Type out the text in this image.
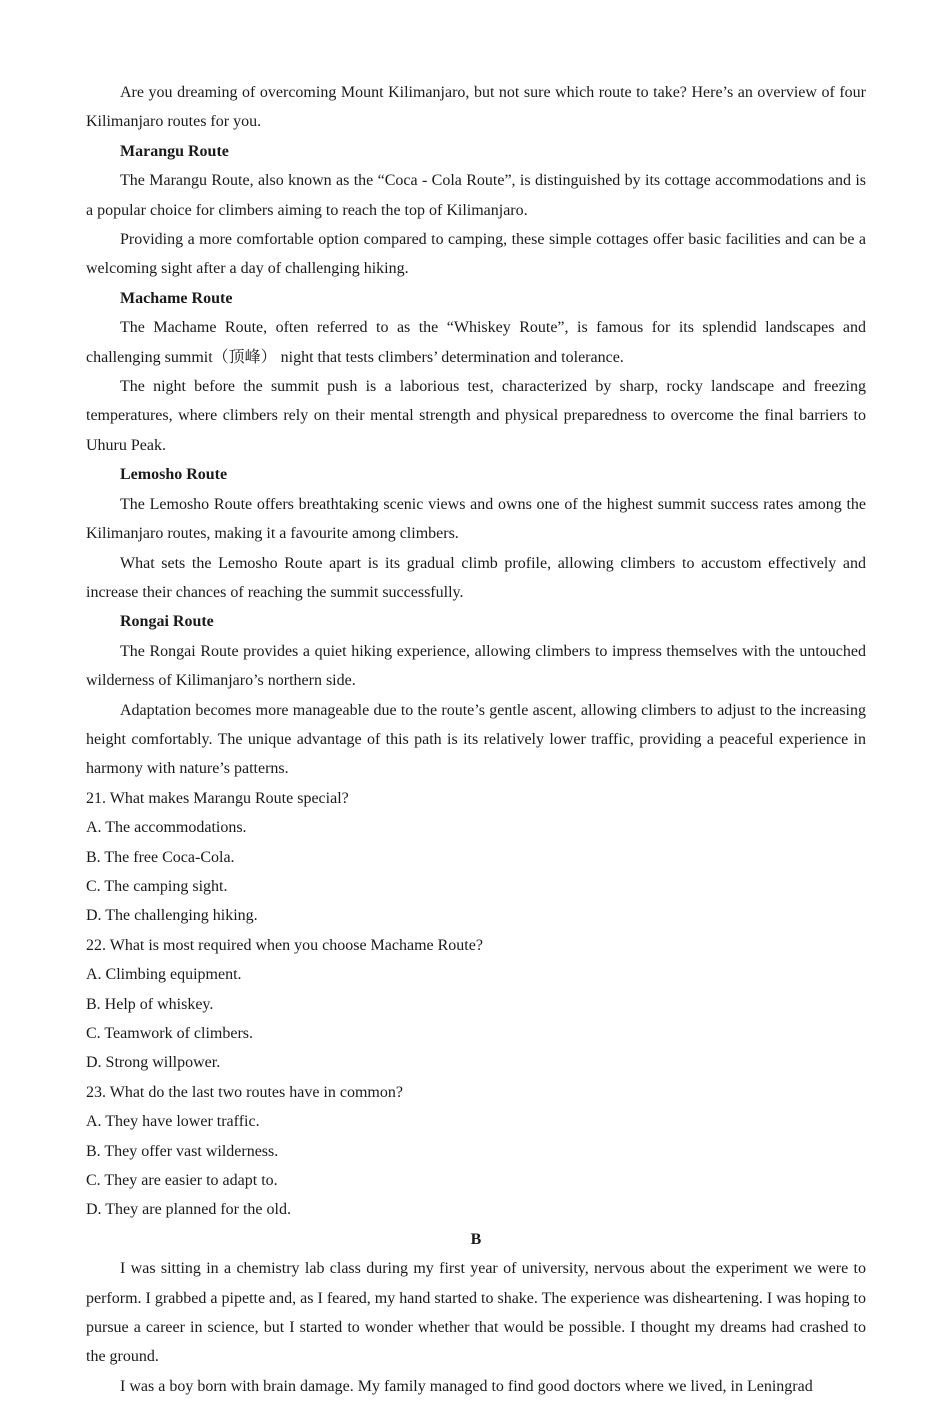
Are you dreaming of overcoming Mount Kilimanjaro, but not sure which route to take? Here’s an overview of four Kilimanjaro routes for you.

Marangu Route

The Marangu Route, also known as the “Coca - Cola Route”, is distinguished by its cottage accommodations and is a popular choice for climbers aiming to reach the top of Kilimanjaro.

Providing a more comfortable option compared to camping, these simple cottages offer basic facilities and can be a welcoming sight after a day of challenging hiking.

Machame Route

The Machame Route, often referred to as the “Whiskey Route”, is famous for its splendid landscapes and challenging summit（顶峰） night that tests climbers’ determination and tolerance.

The night before the summit push is a laborious test, characterized by sharp, rocky landscape and freezing temperatures, where climbers rely on their mental strength and physical preparedness to overcome the final barriers to Uhuru Peak.

Lemosho Route

The Lemosho Route offers breathtaking scenic views and owns one of the highest summit success rates among the Kilimanjaro routes, making it a favourite among climbers.

What sets the Lemosho Route apart is its gradual climb profile, allowing climbers to accustom effectively and increase their chances of reaching the summit successfully.

Rongai Route

The Rongai Route provides a quiet hiking experience, allowing climbers to impress themselves with the untouched wilderness of Kilimanjaro’s northern side.

Adaptation becomes more manageable due to the route’s gentle ascent, allowing climbers to adjust to the increasing height comfortably. The unique advantage of this path is its relatively lower traffic, providing a peaceful experience in harmony with nature’s patterns.

21. What makes Marangu Route special?

A. The accommodations.

B. The free Coca-Cola.

C. The camping sight.

D. The challenging hiking.

22. What is most required when you choose Machame Route?

A. Climbing equipment.

B. Help of whiskey.

C. Teamwork of climbers.

D. Strong willpower.

23. What do the last two routes have in common?

A. They have lower traffic.

B. They offer vast wilderness.

C. They are easier to adapt to.

D. They are planned for the old.

B

I was sitting in a chemistry lab class during my first year of university, nervous about the experiment we were to perform. I grabbed a pipette and, as I feared, my hand started to shake. The experience was disheartening. I was hoping to pursue a career in science, but I started to wonder whether that would be possible. I thought my dreams had crashed to the ground.

I was a boy born with brain damage. My family managed to find good doctors where we lived, in Leningrad
